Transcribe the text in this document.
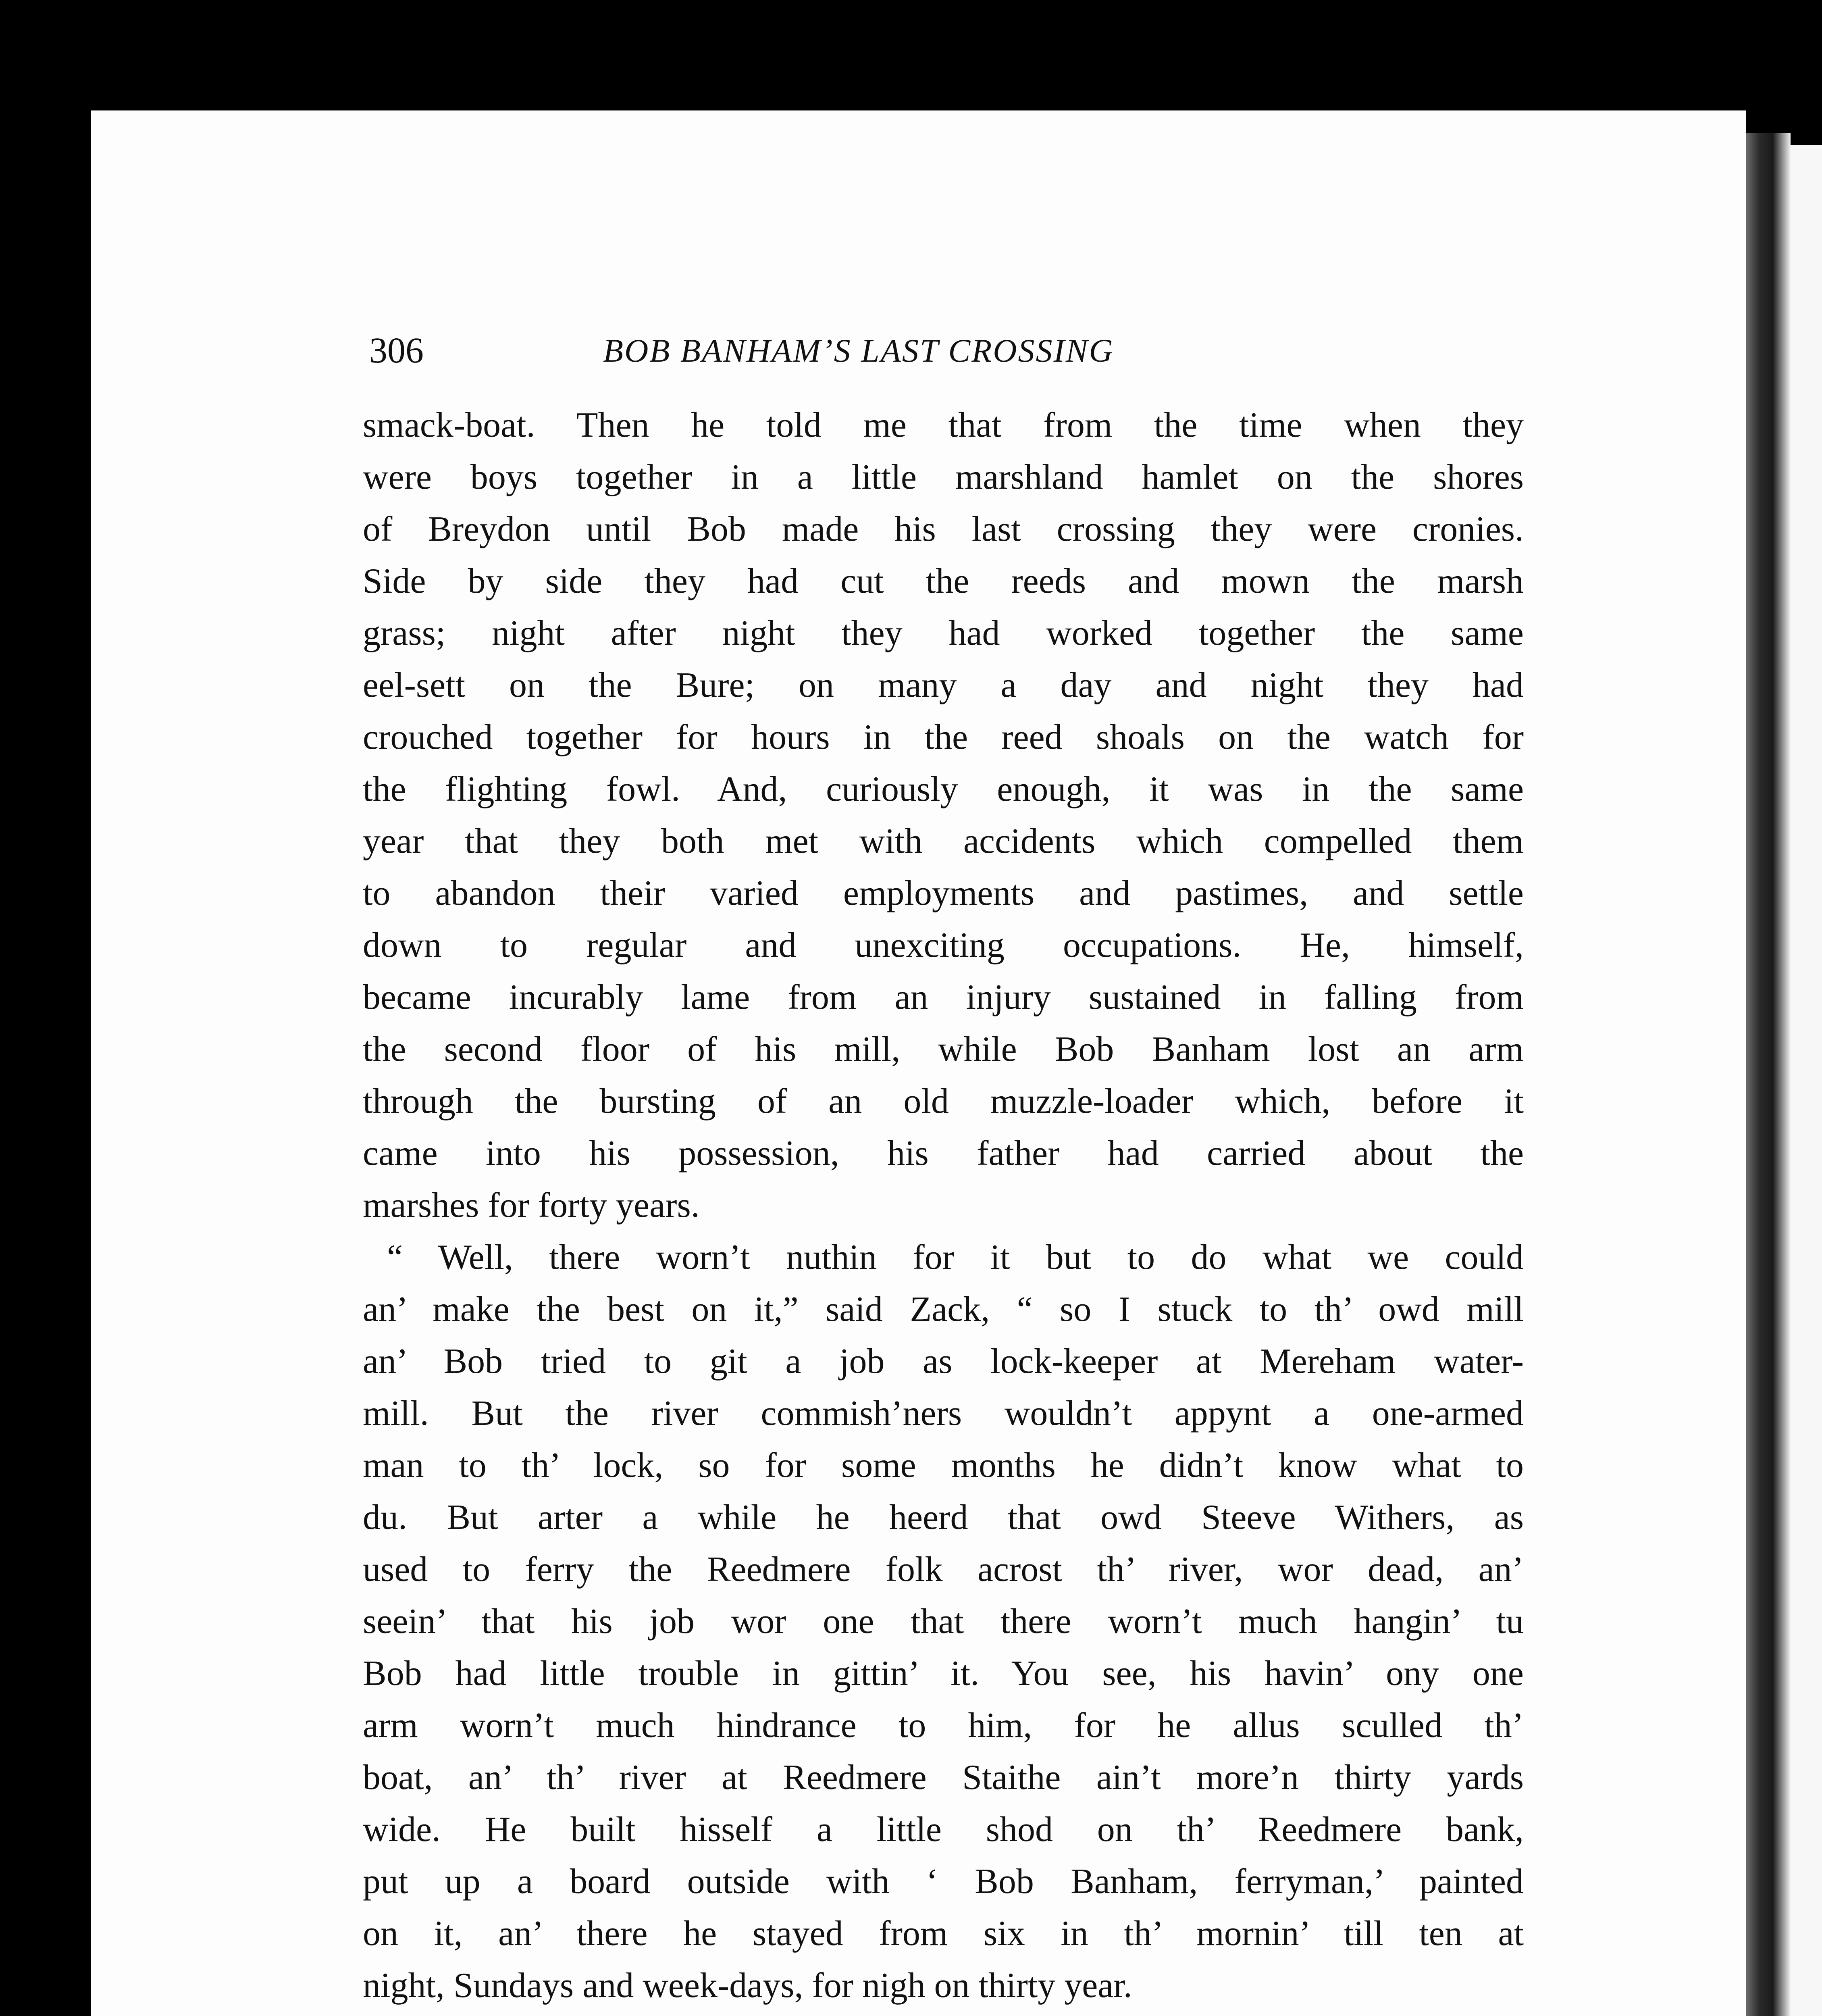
306	BOB BANHAM’S LAST CROSSING
smack-boat. Then he told me that from the time when they
were boys together in a little marshland hamlet on the shores
of Breydon until Bob made his last crossing they were cronies.
Side by side they had cut the reeds and mown the marsh
grass; night after night they had worked together the same
eel-sett on the Bure; on many a day and night they had
crouched together for hours in the reed shoals on the watch for
the flighting fowl. And, curiously enough, it was in the same
year that they both met with accidents which compelled them
to abandon their varied employments and pastimes, and settle
down to regular and unexciting occupations. He, himself,
became incurably lame from an injury sustained in falling from
the second floor of his mill, while Bob Banham lost an arm
through the bursting of an old muzzle-loader which, before it
came into his possession, his father had carried about the
marshes for forty years.
“ Well, there worn’t nuthin for it but to do what we could
an’ make the best on it,” said Zack, “ so I stuck to th’ owd mill
an’ Bob tried to git a job as lock-keeper at Mereham water-
mill. But the river commish’ners wouldn’t appynt a one-armed
man to th’ lock, so for some months he didn’t know what to
du. But arter a while he heerd that owd Steeve Withers, as
used to ferry the Reedmere folk acrost th’ river, wor dead, an’
seein’ that his job wor one that there worn’t much hangin’ tu
Bob had little trouble in gittin’ it. You see, his havin’ ony one
arm worn’t much hindrance to him, for he allus sculled th’
boat, an’ th’ river at Reedmere Staithe ain’t more’n thirty yards
wide. He built hisself a little shod on th’ Reedmere bank,
put up a board outside with ‘ Bob Banham, ferryman,’ painted
on it, an’ there he stayed from six in th’ mornin’ till ten at
night, Sundays and week-days, for nigh on thirty year.
